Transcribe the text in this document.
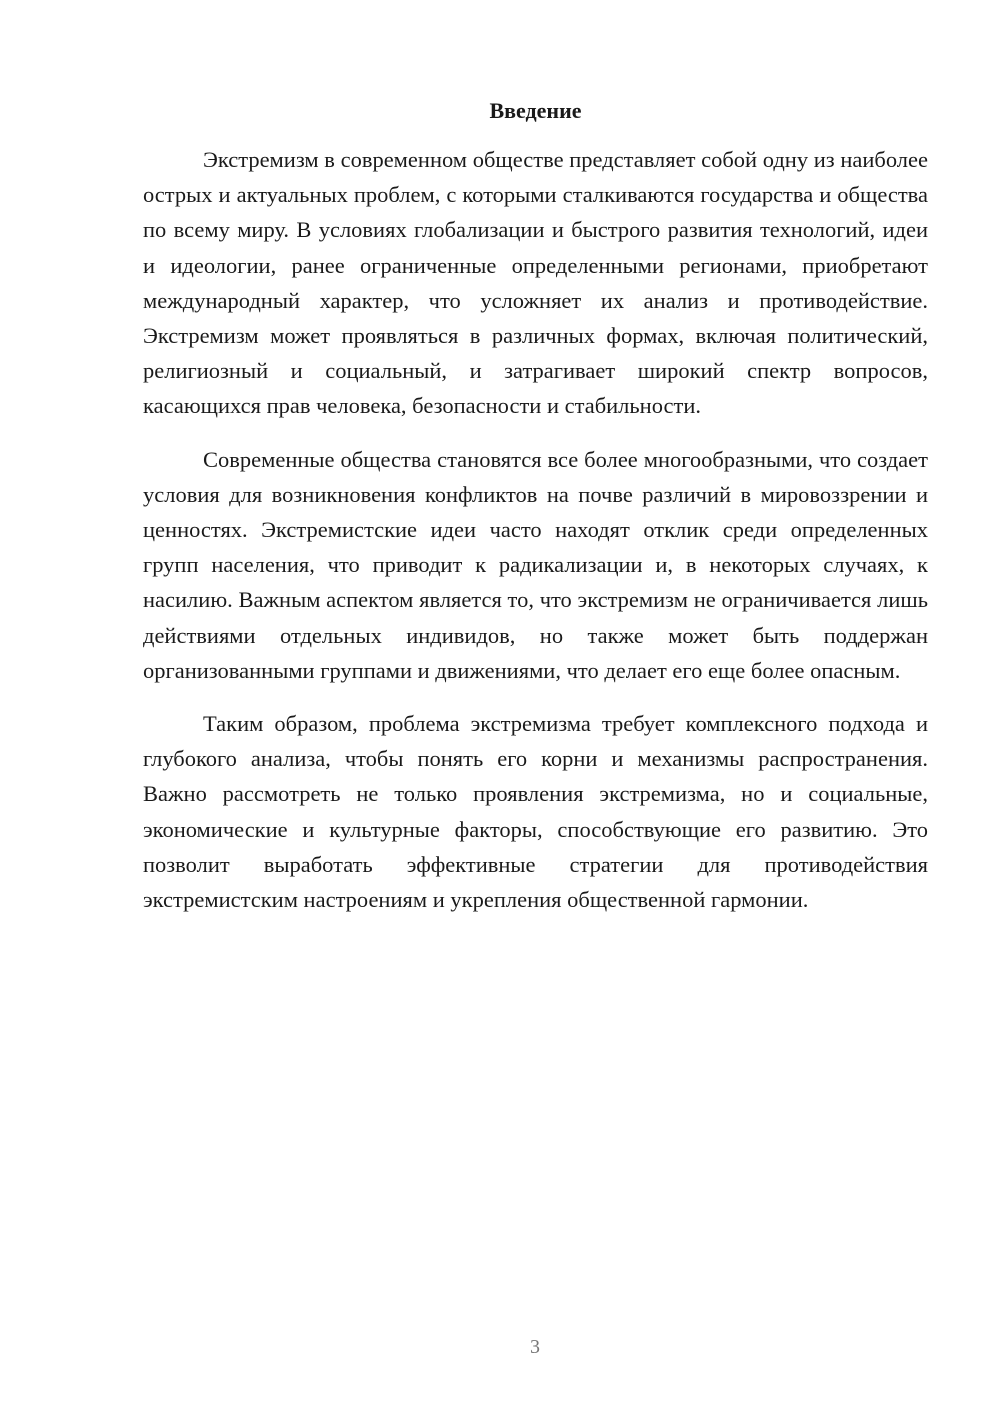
Введение

Экстремизм в современном обществе представляет собой одну из наиболее острых и актуальных проблем, с которыми сталкиваются государства и общества по всему миру. В условиях глобализации и быстрого развития технологий, идеи и идеологии, ранее ограниченные определенными регионами, приобретают международный характер, что усложняет их анализ и противодействие. Экстремизм может проявляться в различных формах, включая политический, религиозный и социальный, и затрагивает широкий спектр вопросов, касающихся прав человека, безопасности и стабильности.

Современные общества становятся все более многообразными, что создает условия для возникновения конфликтов на почве различий в мировоззрении и ценностях. Экстремистские идеи часто находят отклик среди определенных групп населения, что приводит к радикализации и, в некоторых случаях, к насилию. Важным аспектом является то, что экстремизм не ограничивается лишь действиями отдельных индивидов, но также может быть поддержан организованными группами и движениями, что делает его еще более опасным.

Таким образом, проблема экстремизма требует комплексного подхода и глубокого анализа, чтобы понять его корни и механизмы распространения. Важно рассмотреть не только проявления экстремизма, но и социальные, экономические и культурные факторы, способствующие его развитию. Это позволит выработать эффективные стратегии для противодействия экстремистским настроениям и укрепления общественной гармонии.

3
